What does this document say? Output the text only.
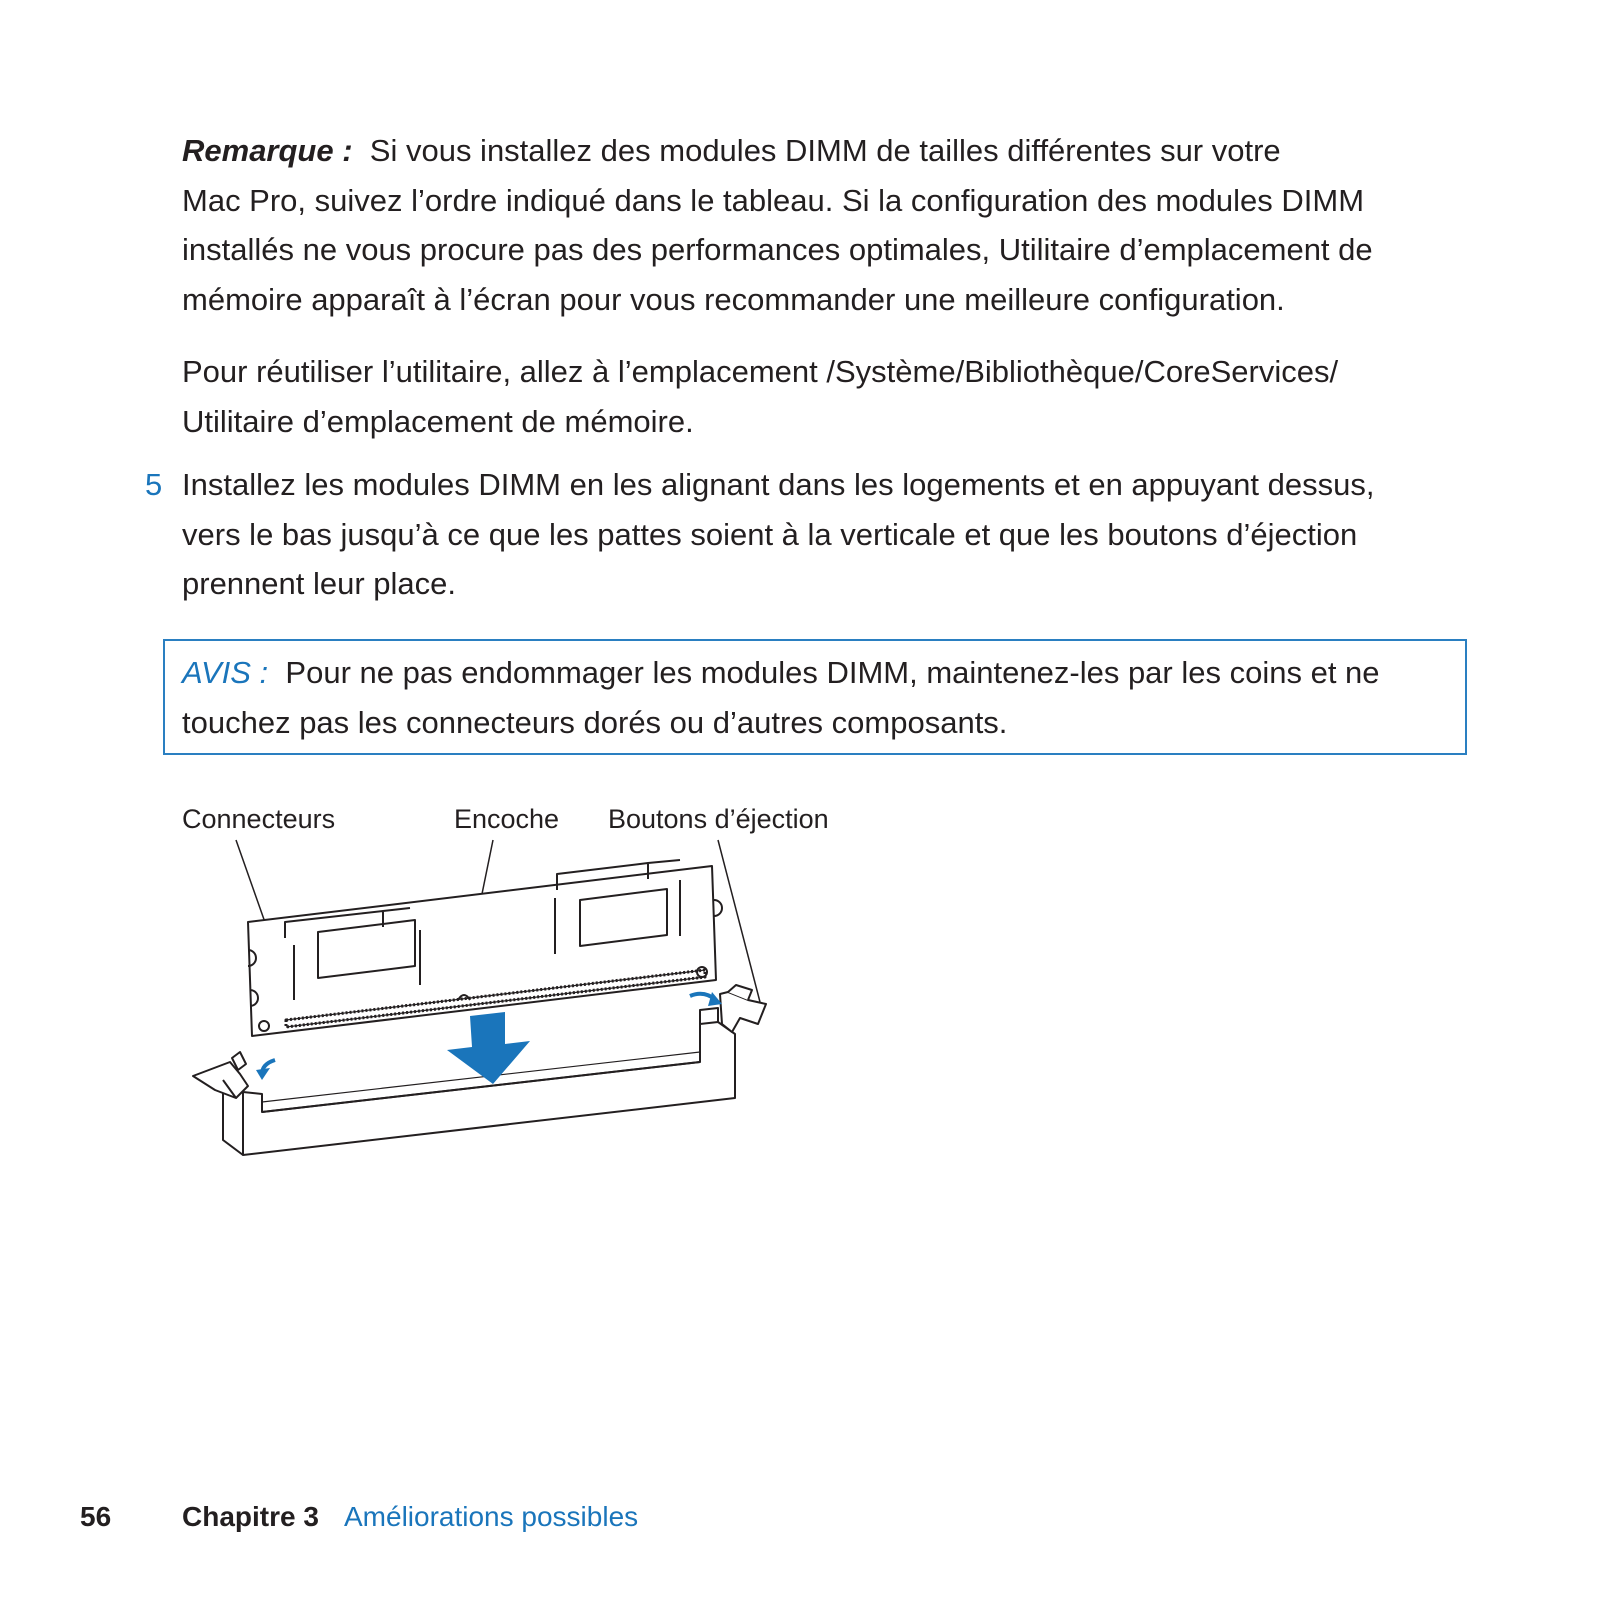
Remarque : Si vous installez des modules DIMM de tailles différentes sur votre
Mac Pro, suivez l’ordre indiqué dans le tableau. Si la configuration des modules DIMM
installés ne vous procure pas des performances optimales, Utilitaire d’emplacement de
mémoire apparaît à l’écran pour vous recommander une meilleure configuration.

Pour réutiliser l’utilitaire, allez à l’emplacement /Système/Bibliothèque/CoreServices/
Utilitaire d’emplacement de mémoire.

5 Installez les modules DIMM en les alignant dans les logements et en appuyant dessus,
vers le bas jusqu’à ce que les pattes soient à la verticale et que les boutons d’éjection
prennent leur place.

AVIS : Pour ne pas endommager les modules DIMM, maintenez-les par les coins et ne
touchez pas les connecteurs dorés ou d’autres composants.
Connecteurs	Encoche Boutons d’éjection
56	Chapitre 3 Améliorations possibles
